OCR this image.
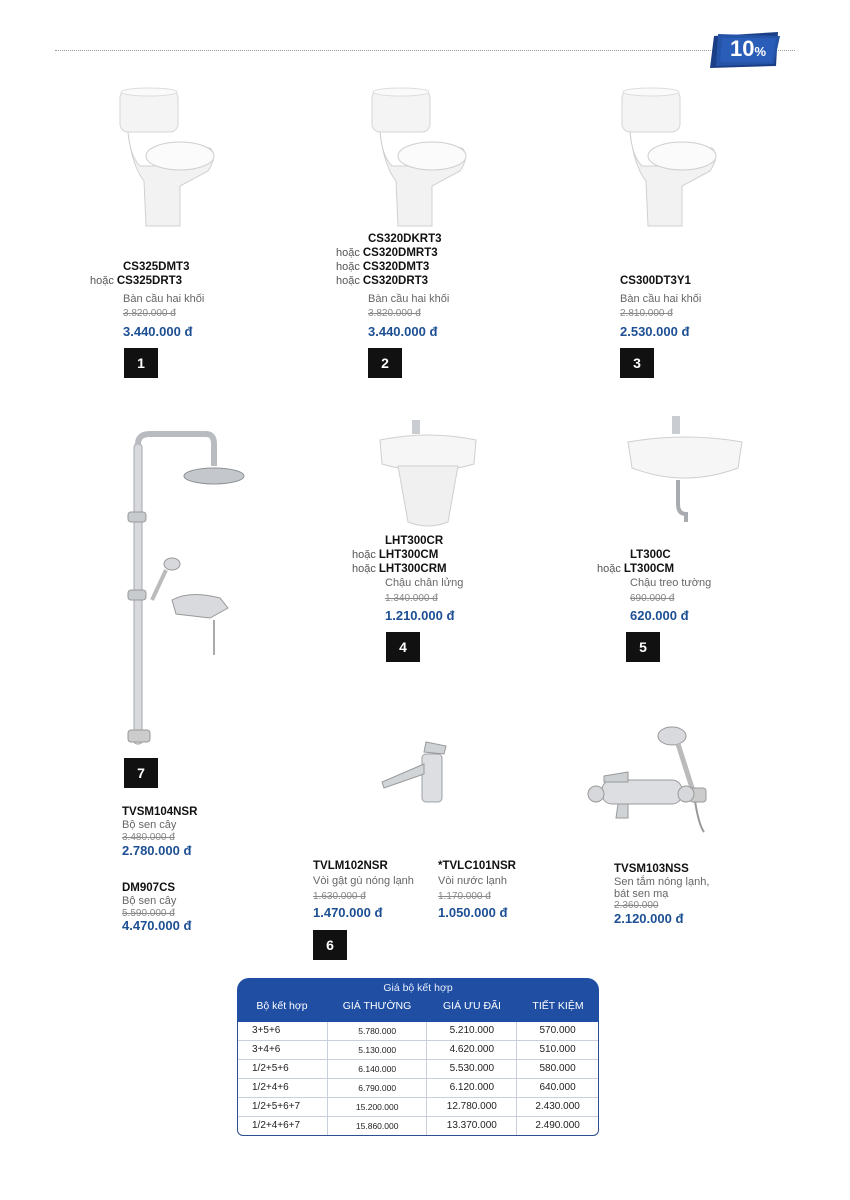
10%
CS325DMT3
hoặc CS325DRT3
Bàn cầu hai khối
3.820.000 đ
3.440.000 đ
1
CS320DKRT3
hoặc CS320DMRT3
hoặc CS320DMT3
hoặc CS320DRT3
Bàn cầu hai khối
3.820.000 đ
3.440.000 đ
2
CS300DT3Y1
Bàn cầu hai khối
2.810.000 đ
2.530.000 đ
3
7
LHT300CR
hoặc LHT300CM
hoặc LHT300CRM
Chậu chân lửng
1.340.000 đ
1.210.000 đ
4
LT300C
hoặc LT300CM
Chậu treo tường
690.000 đ
620.000 đ
5
TVSM104NSR
Bộ sen cây
3.480.000 đ
2.780.000 đ
DM907CS
Bộ sen cây
5.590.000 đ
4.470.000 đ
TVLM102NSR
Vòi gật gù nóng lạnh
1.630.000 đ
1.470.000 đ
*TVLC101NSR
Vòi nước lạnh
1.170.000 đ
1.050.000 đ
6
TVSM103NSS
Sen tắm nóng lạnh,
bát sen mạ
2.360.000
2.120.000 đ
Giá bộ kết hợp
Bộ kết hợp	GIÁ THƯỜNG	GIÁ ƯU ĐÃI	TIẾT KIỆM
3+5+6	5.780.000	5.210.000	570.000
3+4+6	5.130.000	4.620.000	510.000
1/2+5+6	6.140.000	5.530.000	580.000
1/2+4+6	6.790.000	6.120.000	640.000
1/2+5+6+7	15.200.000	12.780.000	2.430.000
1/2+4+6+7	15.860.000	13.370.000	2.490.000
